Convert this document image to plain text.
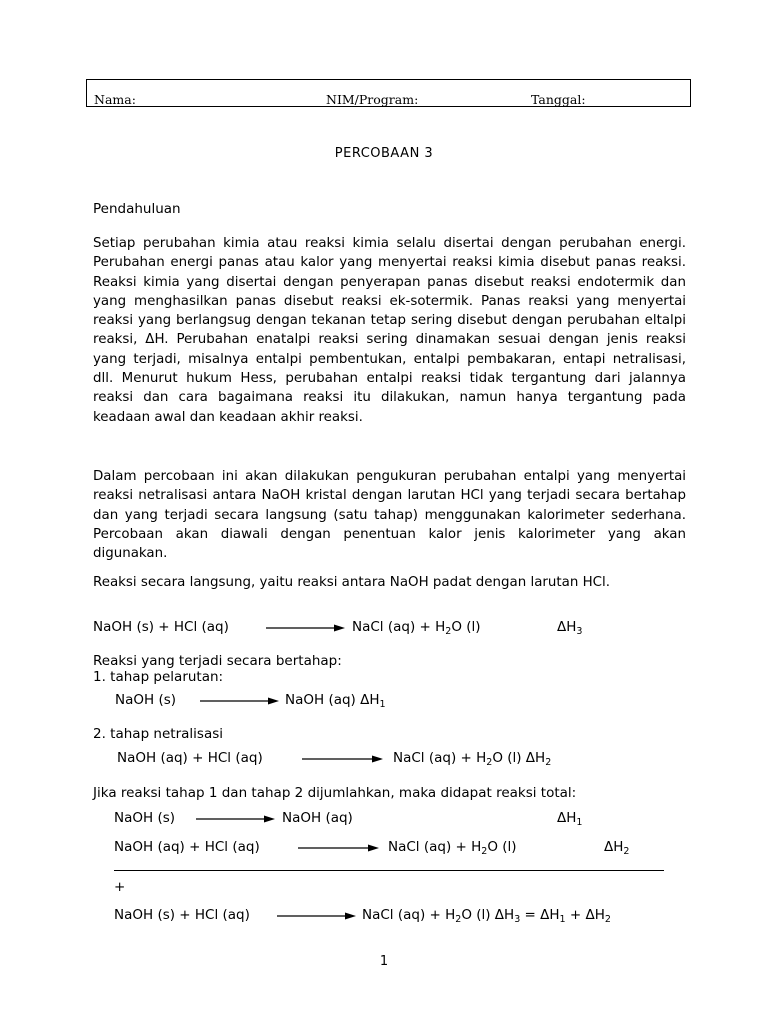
Nama:	NIM/Program:	Tanggal:
PERCOBAAN 3
Pendahuluan

Setiap perubahan kimia atau reaksi kimia selalu disertai dengan perubahan energi. Perubahan energi panas atau kalor yang menyertai reaksi kimia disebut panas reaksi. Reaksi kimia yang disertai dengan penyerapan panas disebut reaksi endotermik dan yang menghasilkan panas disebut reaksi ek-sotermik. Panas reaksi yang menyertai reaksi yang berlangsug dengan tekanan tetap sering disebut dengan perubahan eltalpi reaksi, ΔH. Perubahan enatalpi reaksi sering dinamakan sesuai dengan jenis reaksi yang terjadi, misalnya entalpi pembentukan, entalpi pembakaran, entapi netralisasi, dll. Menurut hukum Hess, perubahan entalpi reaksi tidak tergantung dari jalannya reaksi dan cara bagaimana reaksi itu dilakukan, namun hanya tergantung pada keadaan awal dan keadaan akhir reaksi.

Dalam percobaan ini akan dilakukan pengukuran perubahan entalpi yang menyertai reaksi netralisasi antara NaOH kristal dengan larutan HCl yang terjadi secara bertahap dan yang terjadi secara langsung (satu tahap) menggunakan kalorimeter sederhana. Percobaan akan diawali dengan penentuan kalor jenis kalorimeter yang akan digunakan.

Reaksi secara langsung, yaitu reaksi antara NaOH padat dengan larutan HCl.

NaOH (s) + HCl (aq)	NaCl $(aq) + H_2O$ (l)	$\Delta H_3$
Reaksi yang terjadi secara bertahap:
1. tahap pelarutan:
NaOH (s)	NaOH (aq) $\Delta H_1$
2. tahap netralisasi
NaOH (aq) + HCl (aq)	NaCl $(aq) + H_2O$ (l) $\Delta H_2$
Jika reaksi tahap 1 dan tahap 2 dijumlahkan, maka didapat reaksi total:
NaOH (s)	NaOH (aq)	$\Delta H_1$
NaOH (aq) + HCl (aq)	NaCl $(aq) + H_2O$ (l)	$\Delta H_2$
+
NaOH (s) + HCl (aq)	NaCl $(aq) + H_2O$ (l) $\Delta H_3 = \Delta H_1 + \Delta H_2$
1
